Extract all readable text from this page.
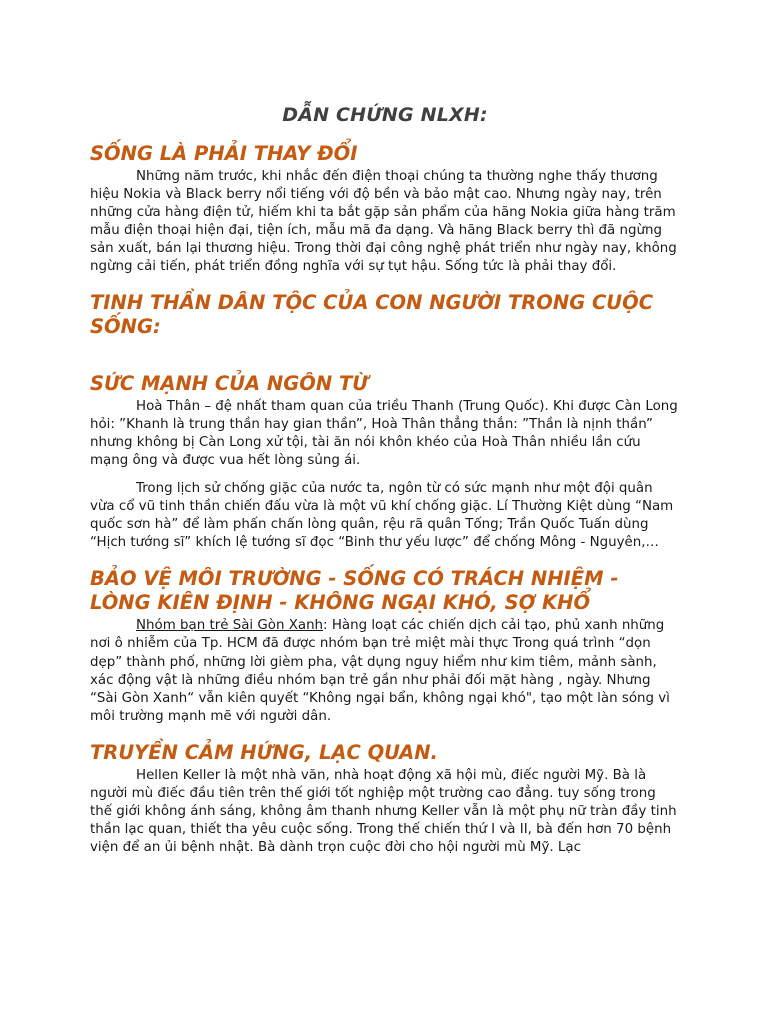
DẪN CHỨNG NLXH:
SỐNG LÀ PHẢI THAY ĐỔI

Những năm trước, khi nhắc đến điện thoại chúng ta thường nghe thấy thương hiệu Nokia và Black berry nổi tiếng với độ bền và bảo mật cao. Nhưng ngày nay, trên những cửa hàng điện tử, hiếm khi ta bắt gặp sản phẩm của hãng Nokia giữa hàng trăm mẫu điện thoại hiện đại, tiện ích, mẫu mã đa dạng. Và hãng Black berry thì đã ngừng sản xuất, bán lại thương hiệu. Trong thời đại công nghệ phát triển như ngày nay, không ngừng cải tiến, phát triển đồng nghĩa với sự tụt hậu. Sống tức là phải thay đổi.

TINH THẦN DÂN TỘC CỦA CON NGƯỜI TRONG CUỘC SỐNG:
SỨC MẠNH CỦA NGÔN TỪ

Hoà Thân – đệ nhất tham quan của triều Thanh (Trung Quốc). Khi được Càn Long hỏi: ”Khanh là trung thần hay gian thần”, Hoà Thân thẳng thắn: ”Thần là nịnh thần” nhưng không bị Càn Long xử tội, tài ăn nói khôn khéo của Hoà Thân nhiều lần cứu mạng ông và được vua hết lòng sủng ái.

Trong lịch sử chống giặc của nước ta, ngôn từ có sức mạnh như một đội quân vừa cổ vũ tinh thần chiến đấu vừa là một vũ khí chống giặc. Lí Thường Kiệt dùng “Nam quốc sơn hà” để làm phấn chấn lòng quân, rệu rã quân Tống; Trần Quốc Tuấn dùng “Hịch tướng sĩ” khích lệ tướng sĩ đọc “Binh thư yếu lược” để chống Mông - Nguyên,…

BẢO VỆ MÔI TRƯỜNG - SỐNG CÓ TRÁCH NHIỆM - LÒNG KIÊN ĐỊNH - KHÔNG NGẠI KHÓ, SỢ KHỔ

Nhóm bạn trẻ Sài Gòn Xanh: Hàng loạt các chiến dịch cải tạo, phủ xanh những nơi ô nhiễm của Tp. HCM đã được nhóm bạn trẻ miệt mài thực Trong quá trình “dọn dẹp” thành phố, những lời gièm pha, vật dụng nguy hiểm như kim tiêm, mảnh sành, xác động vật là những điều nhóm bạn trẻ gần như phải đối mặt hàng , ngày. Nhưng “Sài Gòn Xanh“ vẫn kiên quyết “Không ngại bẩn, không ngại khó", tạo một làn sóng vì môi trường mạnh mẽ với người dân.

TRUYỀN CẢM HỨNG, LẠC QUAN.

Hellen Keller là một nhà văn, nhà hoạt động xã hội mù, điếc người Mỹ. Bà là người mù điếc đầu tiên trên thế giới tốt nghiệp một trường cao đẳng. tuy sống trong thế giới không ánh sáng, không âm thanh nhưng Keller vẫn là một phụ nữ tràn đầy tinh thần lạc quan, thiết tha yêu cuộc sống. Trong thế chiến thứ I và II, bà đến hơn 70 bệnh viện để an ủi bệnh nhật. Bà dành trọn cuộc đời cho hội người mù Mỹ. Lạc
